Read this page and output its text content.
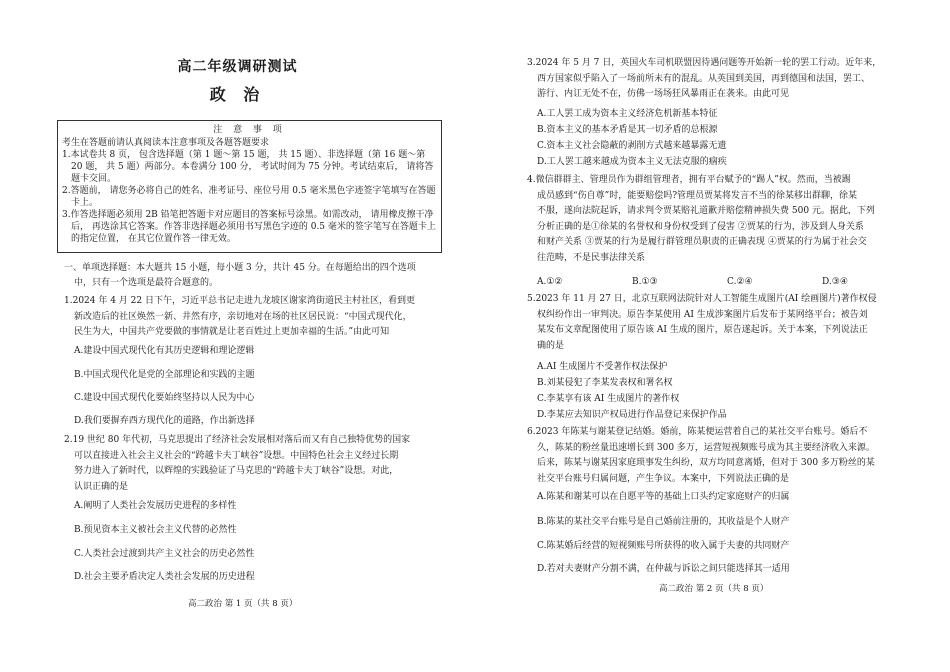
高二年级调研测试
政 治
注 意 事 项

考生在答题前请认真阅读本注意事项及各题答题要求

1.本试卷共 8 页， 包含选择题（第 1 题～第 15 题， 共 15 题）、非选择题（第 16 题～第 20 题， 共 5 题）两部分。本卷满分 100 分， 考试时间为 75 分钟。考试结束后， 请将答题卡交回。

2.答题前， 请您务必将自己的姓名、准考证号、座位号用 0.5 毫米黑色字迹签字笔填写在答题卡上。

3.作答选择题必须用 2B 铅笔把答题卡对应题目的答案标号涂黑。如需改动， 请用橡皮擦干净后， 再选涂其它答案。作答非选择题必须用书写黑色字迹的 0.5 毫米的签字笔写在答题卡上的指定位置， 在其它位置作答一律无效。

一、单项选择题：本大题共 15 小题，每小题 3 分，共计 45 分。在每题给出的四个选项
中，只有一个选项是最符合题意的。

1.2024 年 4 月 22 日下午，习近平总书记走进九龙坡区谢家湾街道民主村社区，看到更

新改造后的社区焕然一新、井然有序，亲切地对在场的社区居民说：“中国式现代化，

民生为大，中国共产党要做的事情就是让老百姓过上更加幸福的生活。”由此可知

A.建设中国式现代化有其历史逻辑和理论逻辑
B.中国式现代化是党的全部理论和实践的主题
C.建设中国式现代化要始终坚持以人民为中心
D.我们要摒弃西方现代化的道路，作出新选择

2.19 世纪 80 年代初，马克思提出了经济社会发展相对落后而又有自己独特优势的国家

可以直接进入社会主义社会的“跨越卡夫丁峡谷”设想。中国特色社会主义经过长期

努力进入了新时代，以辉煌的实践验证了马克思的“跨越卡夫丁峡谷”设想。对此，

认识正确的是

A.阐明了人类社会发展历史进程的多样性
B.预见资本主义被社会主义代替的必然性
C.人类社会过渡到共产主义社会的历史必然性
D.社会主要矛盾决定人类社会发展的历史进程
高二政治 第 1 页（共 8 页）

3.2024 年 5 月 7 日，英国火车司机联盟因待遇问题等开始新一轮的罢工行动。近年来，

西方国家似乎陷入了一场前所未有的混乱。从英国到美国，再到德国和法国，罢工、

游行、内讧无处不在，仿佛一场场狂风暴雨正在袭来。由此可见

A.工人罢工成为资本主义经济危机新基本特征
B.资本主义的基本矛盾是其一切矛盾的总根源
C.资本主义社会隐蔽的剥削方式越来越暴露无遗
D.工人罢工越来越成为资本主义无法克服的痼疾

4.微信群群主、管理员作为群组管理者，拥有平台赋予的“踢人”权。然而，当被踢

成员感到“伤自尊”时，能要赔偿吗?管理员贾某将发言不当的徐某移出群聊，徐某

不服，遂向法院起诉，请求判令贾某赔礼道歉并赔偿精神损失费 500 元。据此，下列

分析正确的是①徐某的名誉权和身份权受到了侵害 ②贾某的行为，涉及到人身关系

和财产关系 ③贾某的行为是履行群管理员职责的正确表现 ④贾某的行为属于社会交

往范畴，不是民事法律关系

A.①②	B.①③	C.②④	D.③④

5.2023 年 11 月 27 日，北京互联网法院针对人工智能生成图片(AI 绘画图片)著作权侵

权纠纷作出一审判决。原告李某使用 AI 生成涉案图片后发布于某网络平台；被告刘

某发布文章配图使用了原告该 AI 生成的图片，原告遂起诉。关于本案，下列说法正

确的是

A.AI 生成图片不受著作权法保护
B.刘某侵犯了李某发表权和署名权
C.李某享有该 AI 生成图片的著作权
D.李某应去知识产权局进行作品登记来保护作品

6.2023 年陈某与谢某登记结婚。婚前，陈某便运营着自己的某社交平台账号。婚后不

久，陈某的粉丝量迅速增长到 300 多万，运营短视频账号成为其主要经济收入来源。

后来，陈某与谢某因家庭琐事发生纠纷，双方均同意离婚，但对于 300 多万粉丝的某

社交平台账号归属问题，产生争议。本案中，下列说法正确的是

A.陈某和谢某可以在自愿平等的基础上口头约定家庭财产的归属
B.陈某的某社交平台账号是自己婚前注册的，其收益是个人财产
C.陈某婚后经营的短视频账号所获得的收入属于夫妻的共同财产
D.若对夫妻财产分割不满，在仲裁与诉讼之间只能选择其一适用
高二政治 第 2 页（共 8 页）
